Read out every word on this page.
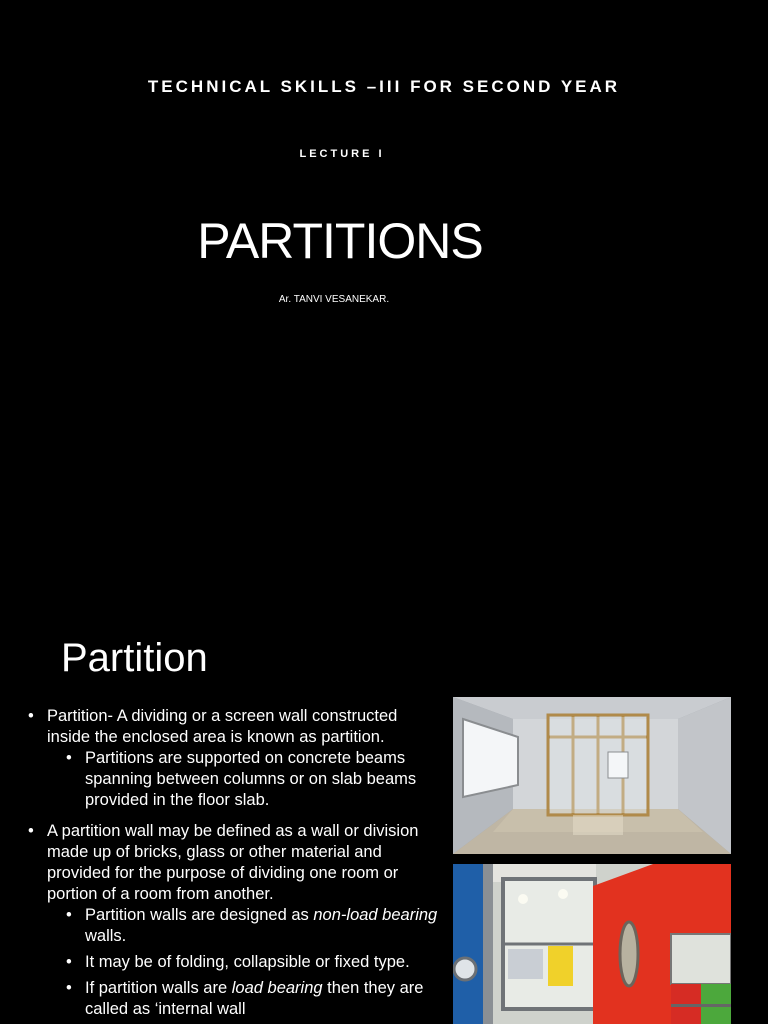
TECHNICAL SKILLS –III FOR SECOND YEAR
LECTURE I
PARTITIONS
Ar. TANVI VESANEKAR.
Partition
• Partition- A dividing or a screen wall constructed inside the enclosed area is known as partition.
• Partitions are supported on concrete beams spanning between columns or on slab beams provided in the floor slab.
• A partition wall may be defined as a wall or division made up of bricks, glass or other material and provided for the purpose of dividing one room or portion of a room from another.
• Partition walls are designed as non-load bearing walls.
• It may be of folding, collapsible or fixed type.
• If partition walls are load bearing then they are called as ‘internal wall
